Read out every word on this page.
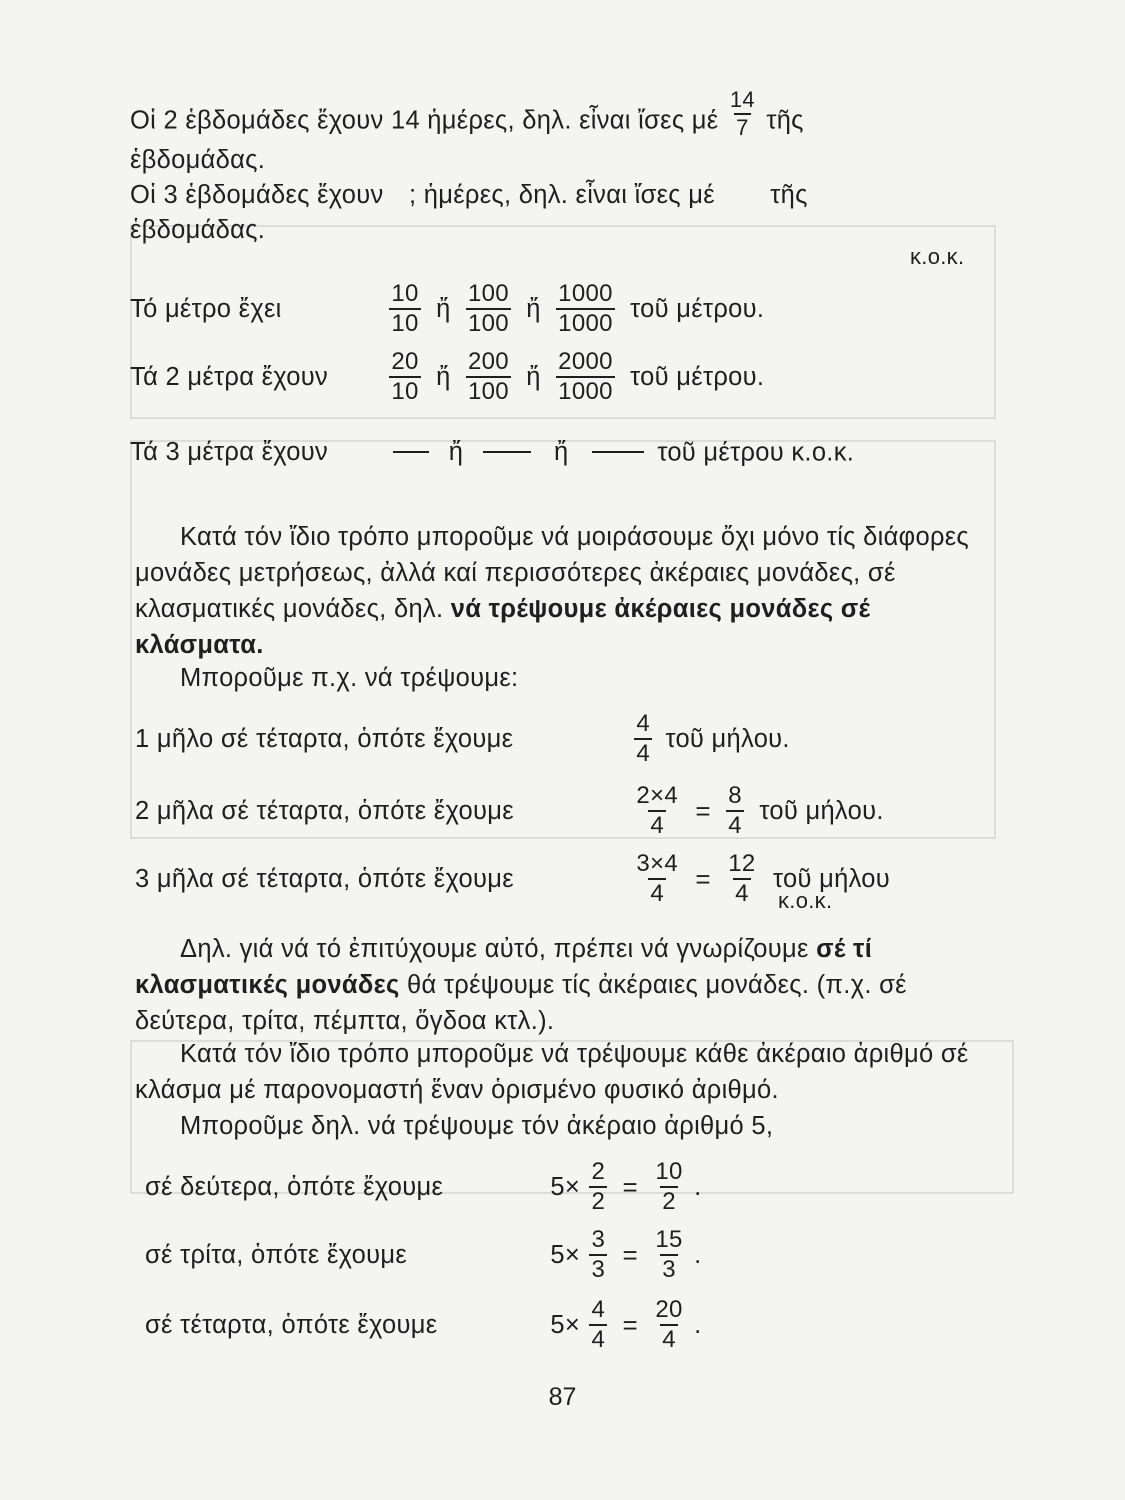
Οἱ 2 ἑβδομάδες ἔχουν 14 ἡμέρες, δηλ. εἶναι ἴσες μέ $\frac{14}{7}$ τῆς
ἑβδομάδας.
Οἱ 3 ἑβδομάδες ἔχουν ; ἡμέρες, δηλ. εἶναι ἴσες μέ τῆς
ἑβδομάδας.
κ.ο.κ.
Τό μέτρο ἔχει	$\frac{10}{10}$ ἤ $\frac{100}{100}$ ἤ $\frac{1000}{1000}$ τοῦ μέτρου.
Τά 2 μέτρα ἔχουν	$\frac{20}{10}$ ἤ $\frac{200}{100}$ ἤ $\frac{2000}{1000}$ τοῦ μέτρου.
Τά 3 μέτρα ἔχουν	ἤ	ἤ	τοῦ μέτρου κ.ο.κ.
Κατά τόν ἴδιο τρόπο μποροῦμε νά μοιράσουμε ὄχι μόνο τίς διάφορες μονάδες μετρήσεως, ἀλλά καί περισσότερες ἀκέραιες μονάδες, σέ κλασματικές μονάδες, δηλ. νά τρέψουμε ἀκέραιες μονάδες σέ κλάσματα.
Μποροῦμε π.χ. νά τρέψουμε:
1 μῆλο σέ τέταρτα, ὁπότε ἔχουμε	$\frac{4}{4}$ τοῦ μήλου.
2 μῆλα σέ τέταρτα, ὁπότε ἔχουμε	$\frac{2\times 4}{4} = \frac{8}{4}$ τοῦ μήλου.
3 μῆλα σέ τέταρτα, ὁπότε ἔχουμε	$\frac{3\times 4}{4} = \frac{12}{4}$ τοῦ μήλου
κ.ο.κ.
Δηλ. γιά νά τό ἐπιτύχουμε αὐτό, πρέπει νά γνωρίζουμε σέ τί κλασματικές μονάδες θά τρέψουμε τίς ἀκέραιες μονάδες. (π.χ. σέ δεύτερα, τρίτα, πέμπτα, ὄγδοα κτλ.).
Κατά τόν ἴδιο τρόπο μποροῦμε νά τρέψουμε κάθε ἀκέραιο ἀριθμό σέ κλάσμα μέ παρονομαστή ἕναν ὁρισμένο φυσικό ἀριθμό.
Μποροῦμε δηλ. νά τρέψουμε τόν ἀκέραιο ἀριθμό 5,
σέ δεύτερα, ὁπότε ἔχουμε	$5\times \frac{2}{2} = \frac{10}{2}$ .
σέ τρίτα, ὁπότε ἔχουμε	$5\times \frac{3}{3} = \frac{15}{3}$ .
σέ τέταρτα, ὁπότε ἔχουμε	$5\times \frac{4}{4} = \frac{20}{4}$ .
87
